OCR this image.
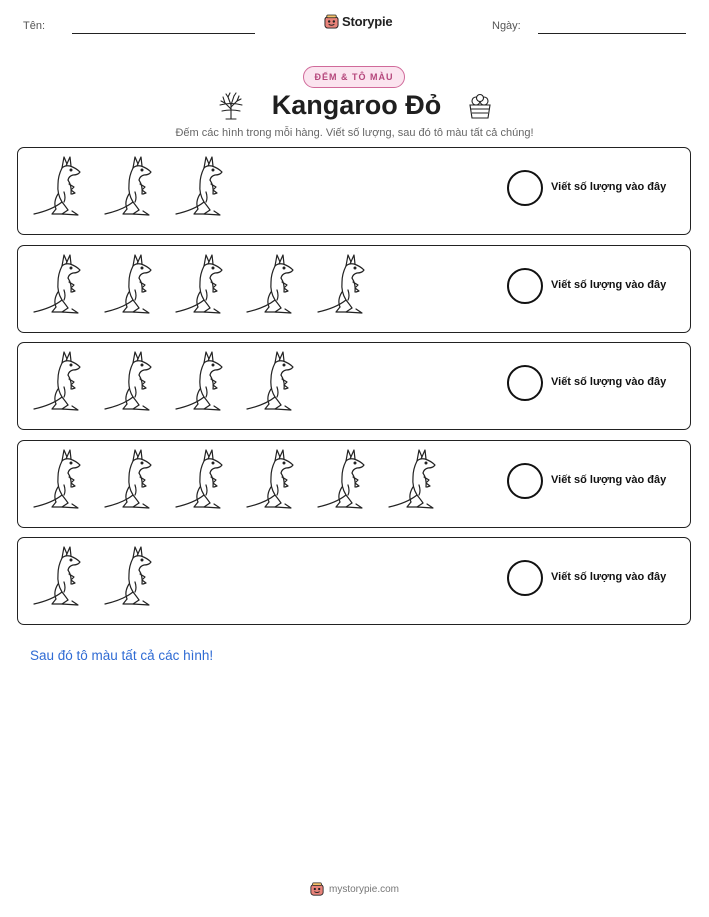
Tên:	Storypie	Ngày:
ĐẾM & TÔ MÀU
Kangaroo Đỏ
Đếm các hình trong mỗi hàng. Viết số lượng, sau đó tô màu tất cả chúng!
Viết số lượng vào đây
Viết số lượng vào đây
Viết số lượng vào đây
Viết số lượng vào đây
Viết số lượng vào đây
Sau đó tô màu tất cả các hình!
mystorypie.com
